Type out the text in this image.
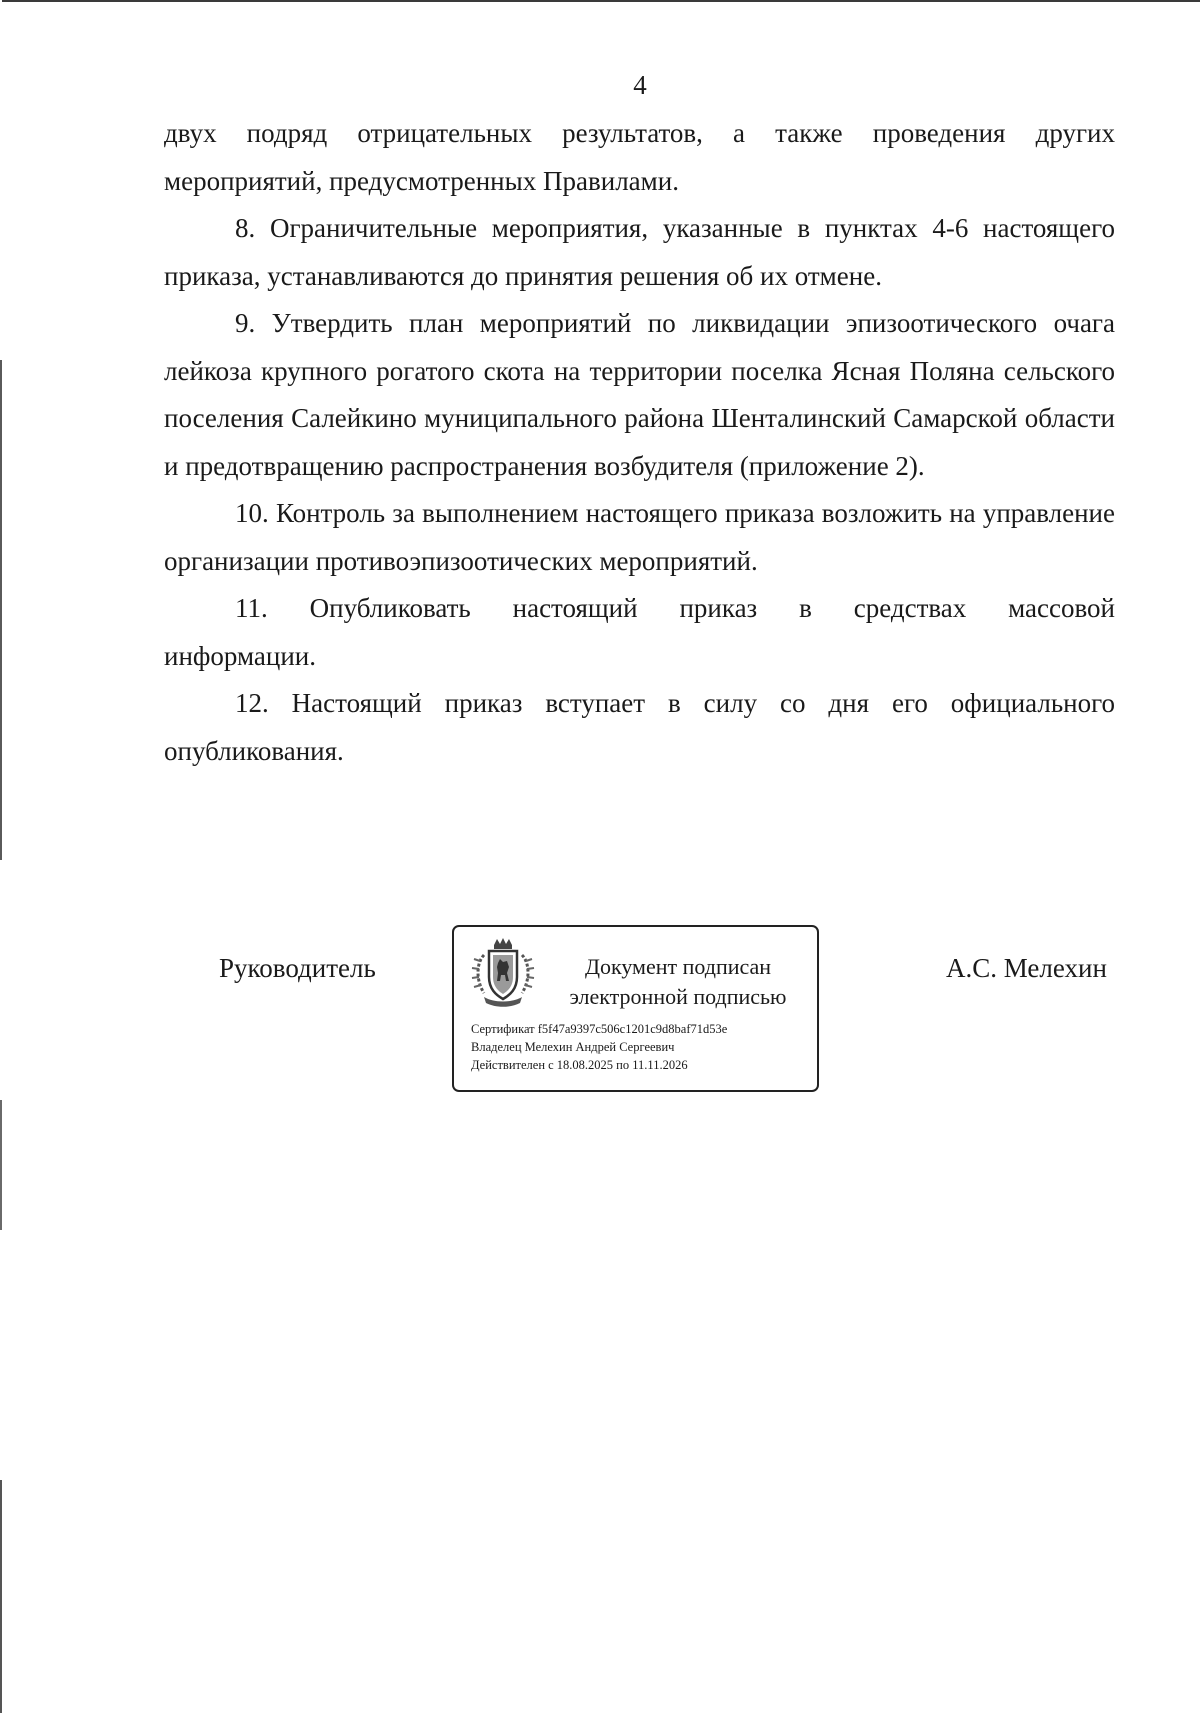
4

двух подряд отрицательных результатов, а также проведения других мероприятий, предусмотренных Правилами.

8. Ограничительные мероприятия, указанные в пунктах 4-6 настоящего приказа, устанавливаются до принятия решения об их отмене.

9. Утвердить план мероприятий по ликвидации эпизоотического очага лейкоза крупного рогатого скота на территории поселка Ясная Поляна сельского поселения Салейкино муниципального района Шенталинский Самарской области и предотвращению распространения возбудителя (приложение 2).

10. Контроль за выполнением настоящего приказа возложить на управление организации противоэпизоотических мероприятий.

11. Опубликовать настоящий приказ в средствах массовой

информации.

12. Настоящий приказ вступает в силу со дня его официального опубликования.

Руководитель	Документ подписан
электронной подписью
Сертификат f5f47a9397c506c1201c9d8baf71d53e
Владелец Мелехин Андрей Сергеевич
Действителен с 18.08.2025 по 11.11.2026
А.С. Мелехин
